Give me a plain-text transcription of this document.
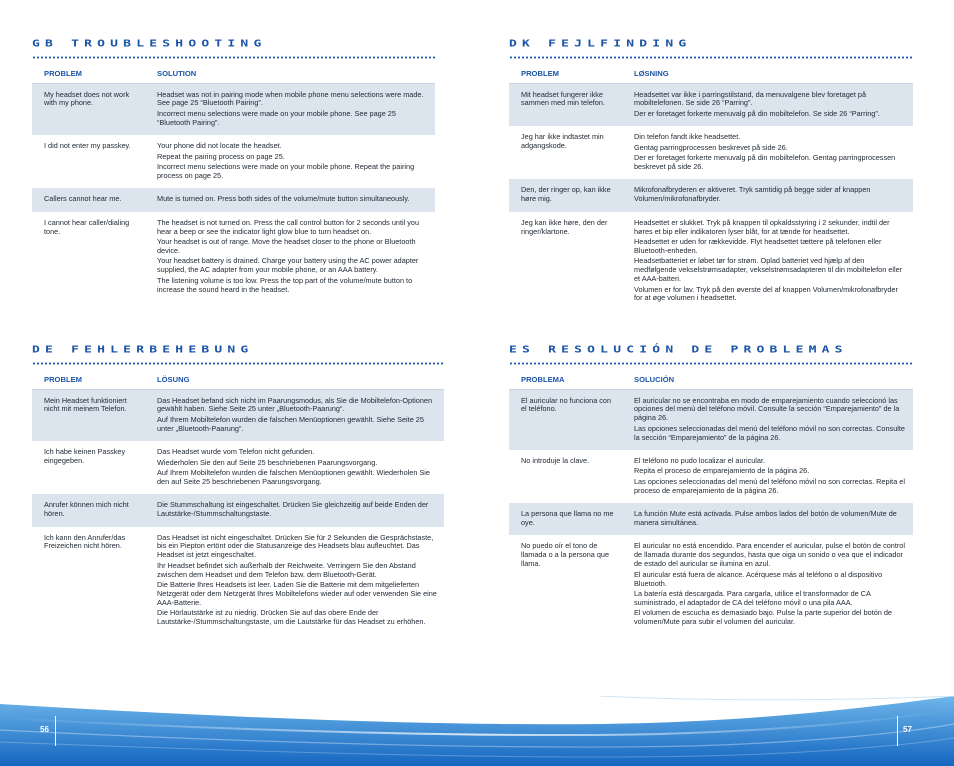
GB TROUBLESHOOTING
PROBLEM	SOLUTION
My headset does not work with my phone.	Headset was not in pairing mode when mobile phone menu selections were made. See page 25 “Bluetooth Pairing”.

Incorrect menu selections were made on your mobile phone. See page 25 “Bluetooth Pairing”.

I did not enter my passkey.	Your phone did not locate the headset.

Repeat the pairing process on page 25.

Incorrect menu selections were made on your mobile phone. Repeat the pairing process on page 25.

Callers cannot hear me.	Mute is turned on. Press both sides of the volume/mute button simultaneously.

I cannot hear caller/dialing tone.	The headset is not turned on. Press the call control button for 2 seconds until you hear a beep or see the indicator light glow blue to turn headset on.

Your headset is out of range. Move the headset closer to the phone or Bluetooth device.

Your headset battery is drained. Charge your battery using the AC power adapter supplied, the AC adapter from your mobile phone, or an AAA battery.

The listening volume is too low. Press the top part of the volume/mute button to increase the sound heard in the headset.

DE FEHLERBEHEBUNG
PROBLEM	LÖSUNG
Mein Headset funktioniert nicht mit meinem Telefon.	Das Headset befand sich nicht im Paarungsmodus, als Sie die Mobiltelefon-Optionen gewählt haben. Siehe Seite 25 unter „Bluetooth-Paarung“.

Auf Ihrem Mobiltelefon wurden die falschen Menüoptionen gewählt. Siehe Seite 25 unter „Bluetooth-Paarung“.

Ich habe keinen Passkey eingegeben.	Das Headset wurde vom Telefon nicht gefunden.

Wiederholen Sie den auf Seite 25 beschriebenen Paarungsvorgang.

Auf Ihrem Mobiltelefon wurden die falschen Menüoptionen gewählt. Wiederholen Sie den auf Seite 25 beschriebenen Paarungsvorgang.

Anrufer können mich nicht hören.	Die Stummschaltung ist eingeschaltet. Drücken Sie gleichzeitig auf beide Enden der Lautstärke-/Stummschaltungstaste.

Ich kann den Anrufer/das Freizeichen nicht hören.	Das Headset ist nicht eingeschaltet. Drücken Sie für 2 Sekunden die Gesprächstaste, bis ein Piepton ertönt oder die Statusanzeige des Headsets blau aufleuchtet. Das Headset ist jetzt eingeschaltet.

Ihr Headset befindet sich außerhalb der Reichweite. Verringern Sie den Abstand zwischen dem Headset und dem Telefon bzw. dem Bluetooth-Gerät.

Die Batterie Ihres Headsets ist leer. Laden Sie die Batterie mit dem mitgelieferten Netzgerät oder dem Netzgerät Ihres Mobiltelefons wieder auf oder verwenden Sie eine AAA-Batterie.

Die Hörlautstärke ist zu niedrig. Drücken Sie auf das obere Ende der Lautstärke-/Stummschaltungstaste, um die Lautstärke für das Headset zu erhöhen.

DK FEJLFINDING
PROBLEM	LØSNING
Mit headset fungerer ikke sammen med min telefon.	Headsettet var ikke i parringstilstand, da menuvalgene blev foretaget på mobiltelefonen. Se side 26 “Parring”.

Der er foretaget forkerte menuvalg på din mobiltelefon. Se side 26 “Parring”.

Jeg har ikke indtastet min adgangskode.	Din telefon fandt ikke headsettet.

Gentag parringprocessen beskrevet på side 26.

Der er foretaget forkerte menuvalg på din mobiltelefon. Gentag parringprocessen beskrevet på side 26.

Den, der ringer op, kan ikke høre mig.	Mikrofonafbryderen er aktiveret. Tryk samtidig på begge sider af knappen Volumen/mikrofonafbryder.

Jeg kan ikke høre, den der ringer/klartone.	Headsettet er slukket. Tryk på knappen til opkaldsstyring i 2 sekunder, indtil der høres et bip eller indikatoren lyser blåt, for at tænde for headsettet.

Headsettet er uden for rækkevidde. Flyt headsettet tættere på telefonen eller Bluetooth-enheden.

Headsetbatteriet er løbet tør for strøm. Oplad batteriet ved hjælp af den medfølgende vekselstrømsadapter, vekselstrømsadapteren til din mobiltelefon eller et AAA-batteri.

Volumen er for lav. Tryk på den øverste del af knappen Volumen/mikrofonafbryder for at øge volumen i headsettet.

ES RESOLUCIÓN DE PROBLEMAS
PROBLEMA	SOLUCIÓN
El auricular no funciona con el teléfono.	El auricular no se encontraba en modo de emparejamiento cuando seleccionó las opciones del menú del teléfono móvil. Consulte la sección “Emparejamiento” de la página 26.

Las opciones seleccionadas del menú del teléfono móvil no son correctas. Consulte la sección “Emparejamiento” de la página 26.

No introduje la clave.	El teléfono no pudo localizar el auricular.

Repita el proceso de emparejamiento de la página 26.

Las opciones seleccionadas del menú del teléfono móvil no son correctas. Repita el proceso de emparejamiento de la página 26.

La persona que llama no me oye.	La función Mute está activada. Pulse ambos lados del botón de volumen/Mute de manera simultánea.

No puedo oír el tono de llamada o a la persona que llama.	El auricular no está encendido. Para encender el auricular, pulse el botón de control de llamada durante dos segundos, hasta que oiga un sonido o vea que el indicador de estado del auricular se ilumina en azul.

El auricular está fuera de alcance. Acérquese más al teléfono o al dispositivo Bluetooth.

La batería está descargada. Para cargarla, utilice el transformador de CA suministrado, el adaptador de CA del teléfono móvil o una pila AAA.

El volumen de escucha es demasiado bajo. Pulse la parte superior del botón de volumen/Mute para subir el volumen del auricular.

56	57
